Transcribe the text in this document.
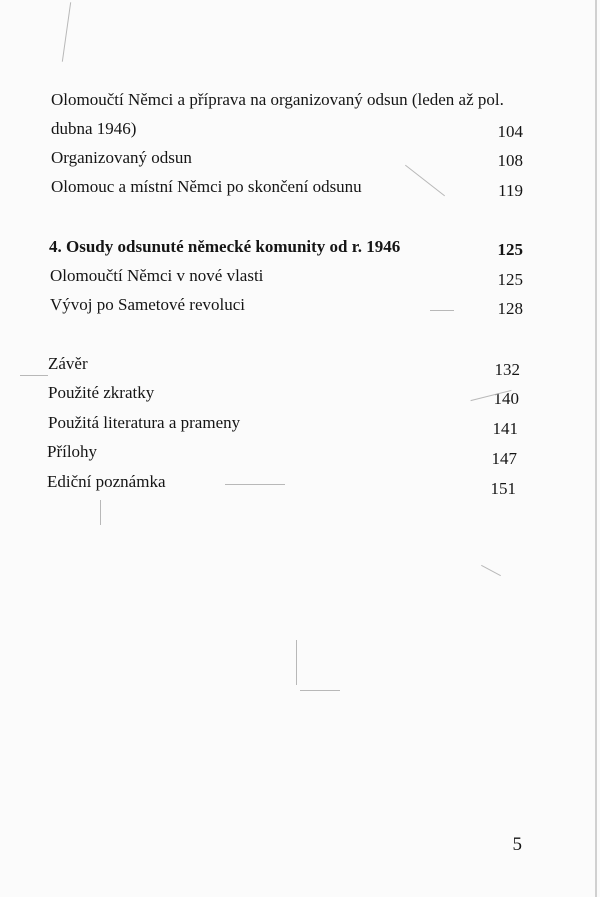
Olomoučtí Němci a příprava na organizovaný odsun (leden až pol.
dubna 1946)	104
Organizovaný odsun	108
Olomouc a místní Němci po skončení odsunu	119
4. Osudy odsunuté německé komunity od r. 1946	125
Olomoučtí Němci v nové vlasti	125
Vývoj po Sametové revoluci	128
Závěr	132
Použité zkratky	140
Použitá literatura a prameny	141
Přílohy	147
Ediční poznámka	151
5
